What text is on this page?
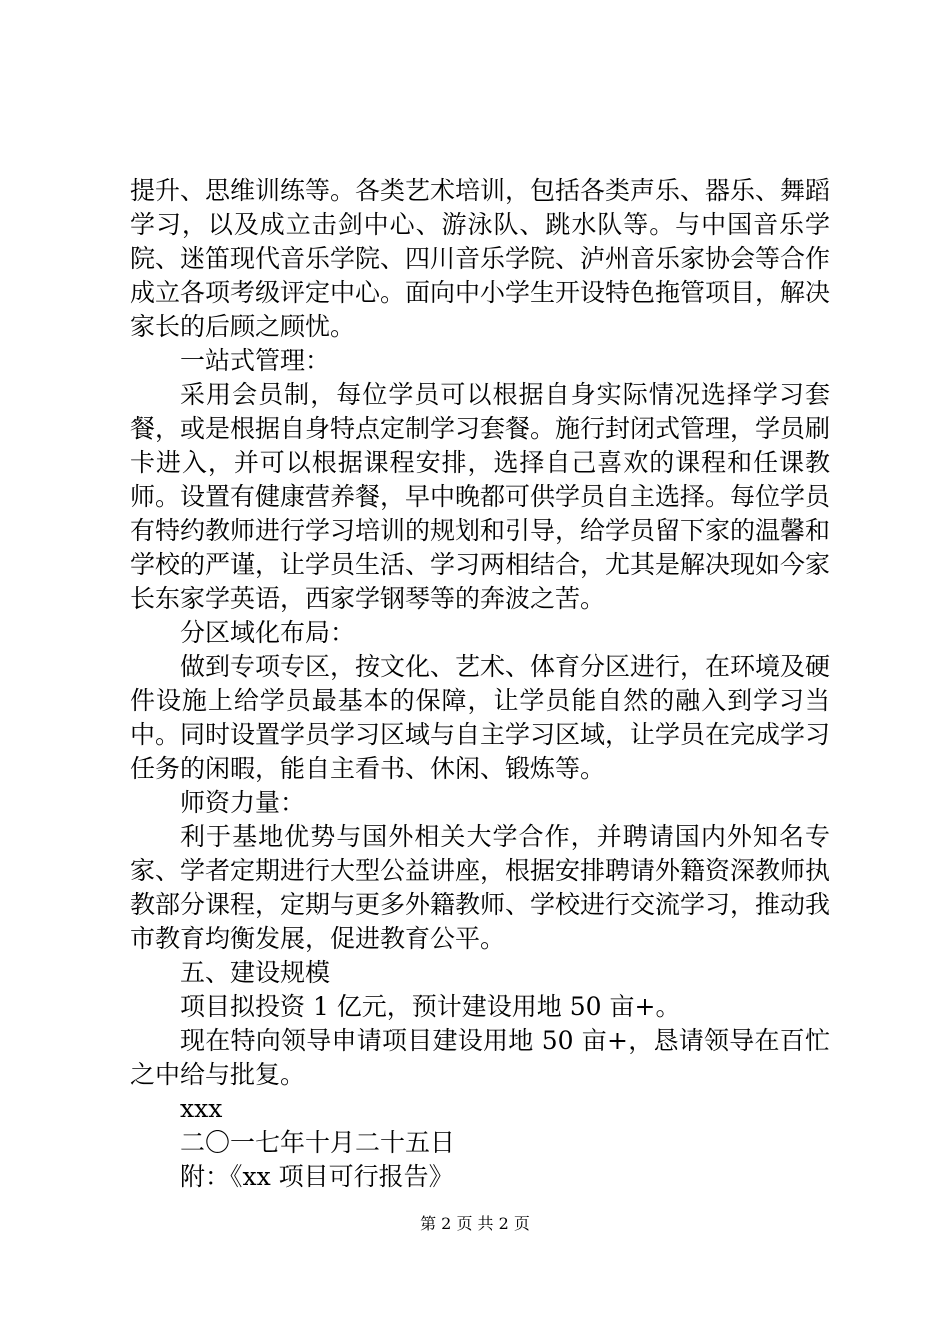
提升、思维训练等。各类艺术培训，包括各类声乐、器乐、舞蹈学习，以及成立击剑中心、游泳队、跳水队等。与中国音乐学院、迷笛现代音乐学院、四川音乐学院、泸州音乐家协会等合作成立各项考级评定中心。面向中小学生开设特色拖管项目，解决家长的后顾之顾忧。

一站式管理：

采用会员制，每位学员可以根据自身实际情况选择学习套餐，或是根据自身特点定制学习套餐。施行封闭式管理，学员刷卡进入，并可以根据课程安排，选择自己喜欢的课程和任课教师。设置有健康营养餐，早中晚都可供学员自主选择。每位学员有特约教师进行学习培训的规划和引导，给学员留下家的温馨和学校的严谨，让学员生活、学习两相结合，尤其是解决现如今家长东家学英语，西家学钢琴等的奔波之苦。

分区域化布局：

做到专项专区，按文化、艺术、体育分区进行，在环境及硬件设施上给学员最基本的保障，让学员能自然的融入到学习当中。同时设置学员学习区域与自主学习区域，让学员在完成学习任务的闲暇，能自主看书、休闲、锻炼等。

师资力量：

利于基地优势与国外相关大学合作，并聘请国内外知名专家、学者定期进行大型公益讲座，根据安排聘请外籍资深教师执教部分课程，定期与更多外籍教师、学校进行交流学习，推动我市教育均衡发展，促进教育公平。

五、建设规模

项目拟投资 1 亿元，预计建设用地 50 亩+。

现在特向领导申请项目建设用地 50 亩+，恳请领导在百忙之中给与批复。

xxx

二〇一七年十月二十五日

附：《xx 项目可行报告》

第 2 页 共 2 页
